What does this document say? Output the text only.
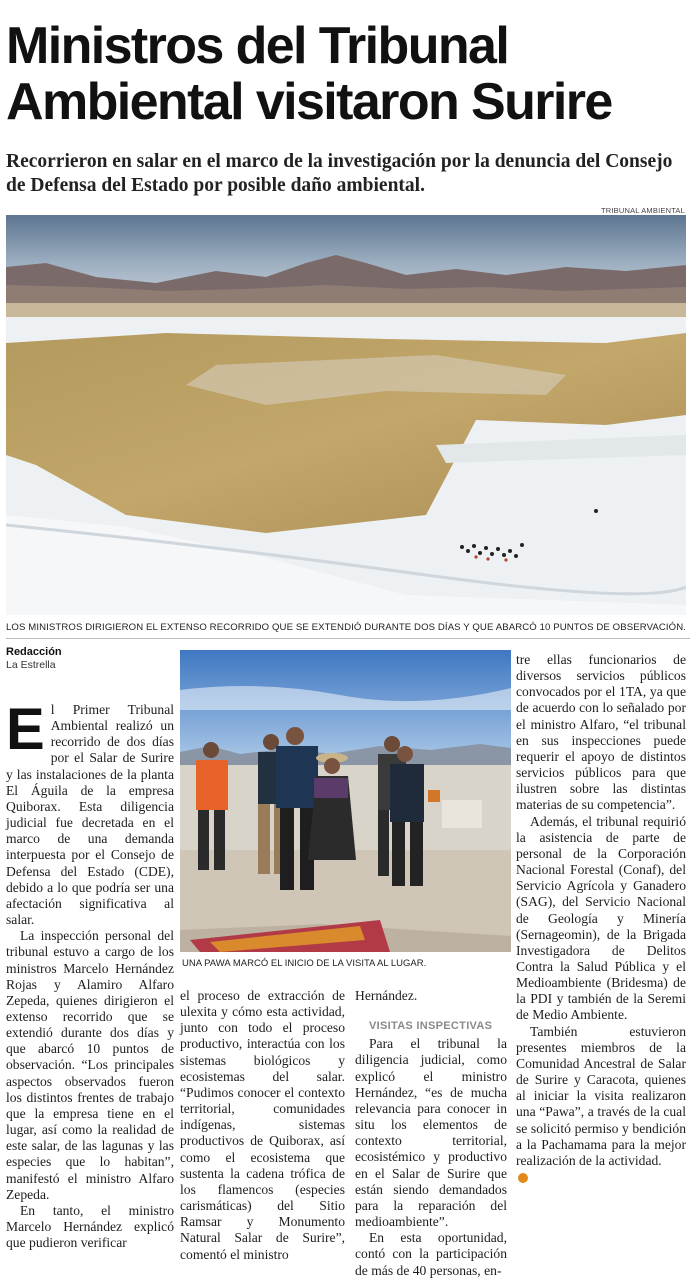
Ministros del Tribunal Ambiental visitaron Surire

Recorrieron en salar en el marco de la investigación por la denuncia del Consejo de Defensa del Estado por posible daño ambiental.

TRIBUNAL AMBIENTAL

LOS MINISTROS DIRIGIERON EL EXTENSO RECORRIDO QUE SE EXTENDIÓ DURANTE DOS DÍAS Y QUE ABARCÓ 10 PUNTOS DE OBSERVACIÓN.

Redacción
La Estrella

El Primer Tribunal Ambiental realizó un recorrido de dos días por el Salar de Surire y las instalaciones de la planta El Águila de la empresa Quiborax. Esta diligencia judicial fue decretada en el marco de una demanda interpuesta por el Consejo de Defensa del Estado (CDE), debido a lo que podría ser una afectación significativa al salar.

La inspección personal del tribunal estuvo a cargo de los ministros Marcelo Hernández Rojas y Alamiro Alfaro Zepeda, quienes dirigieron el extenso recorrido que se extendió durante dos días y que abarcó 10 puntos de observación. “Los principales aspectos observados fueron los distintos frentes de trabajo que la empresa tiene en el lugar, así como la realidad de este salar, de las lagunas y las especies que lo habitan”, manifestó el ministro Alfaro Zepeda.

En tanto, el ministro Marcelo Hernández explicó que pudieron verificar

UNA PAWA MARCÓ EL INICIO DE LA VISITA AL LUGAR.

el proceso de extracción de ulexita y cómo esta actividad, junto con todo el proceso productivo, interactúa con los sistemas biológicos y ecosistemas del salar. “Pudimos conocer el contexto territorial, comunidades indígenas, sistemas productivos de Quiborax, así como el ecosistema que sustenta la cadena trófica de los flamencos (especies carismáticas) del Sitio Ramsar y Monumento Natural Salar de Surire”, comentó el ministro

Hernández.

VISITAS INSPECTIVAS

Para el tribunal la diligencia judicial, como explicó el ministro Hernández, “es de mucha relevancia para conocer in situ los elementos de contexto territorial, ecosistémico y productivo en el Salar de Surire que están siendo demandados para la reparación del medioambiente”.

En esta oportunidad, contó con la participación de más de 40 personas, en-

tre ellas funcionarios de diversos servicios públicos convocados por el 1TA, ya que de acuerdo con lo señalado por el ministro Alfaro, “el tribunal en sus inspecciones puede requerir el apoyo de distintos servicios públicos para que ilustren sobre las distintas materias de su competencia”.

Además, el tribunal requirió la asistencia de parte de personal de la Corporación Nacional Forestal (Conaf), del Servicio Agrícola y Ganadero (SAG), del Servicio Nacional de Geología y Minería (Sernageomin), de la Brigada Investigadora de Delitos Contra la Salud Pública y el Medioambiente (Bridesma) de la PDI y también de la Seremi de Medio Ambiente.

También estuvieron presentes miembros de la Comunidad Ancestral de Salar de Surire y Caracota, quienes al iniciar la visita realizaron una “Pawa”, a través de la cual se solicitó permiso y bendición a la Pachamama para la mejor realización de la actividad.
